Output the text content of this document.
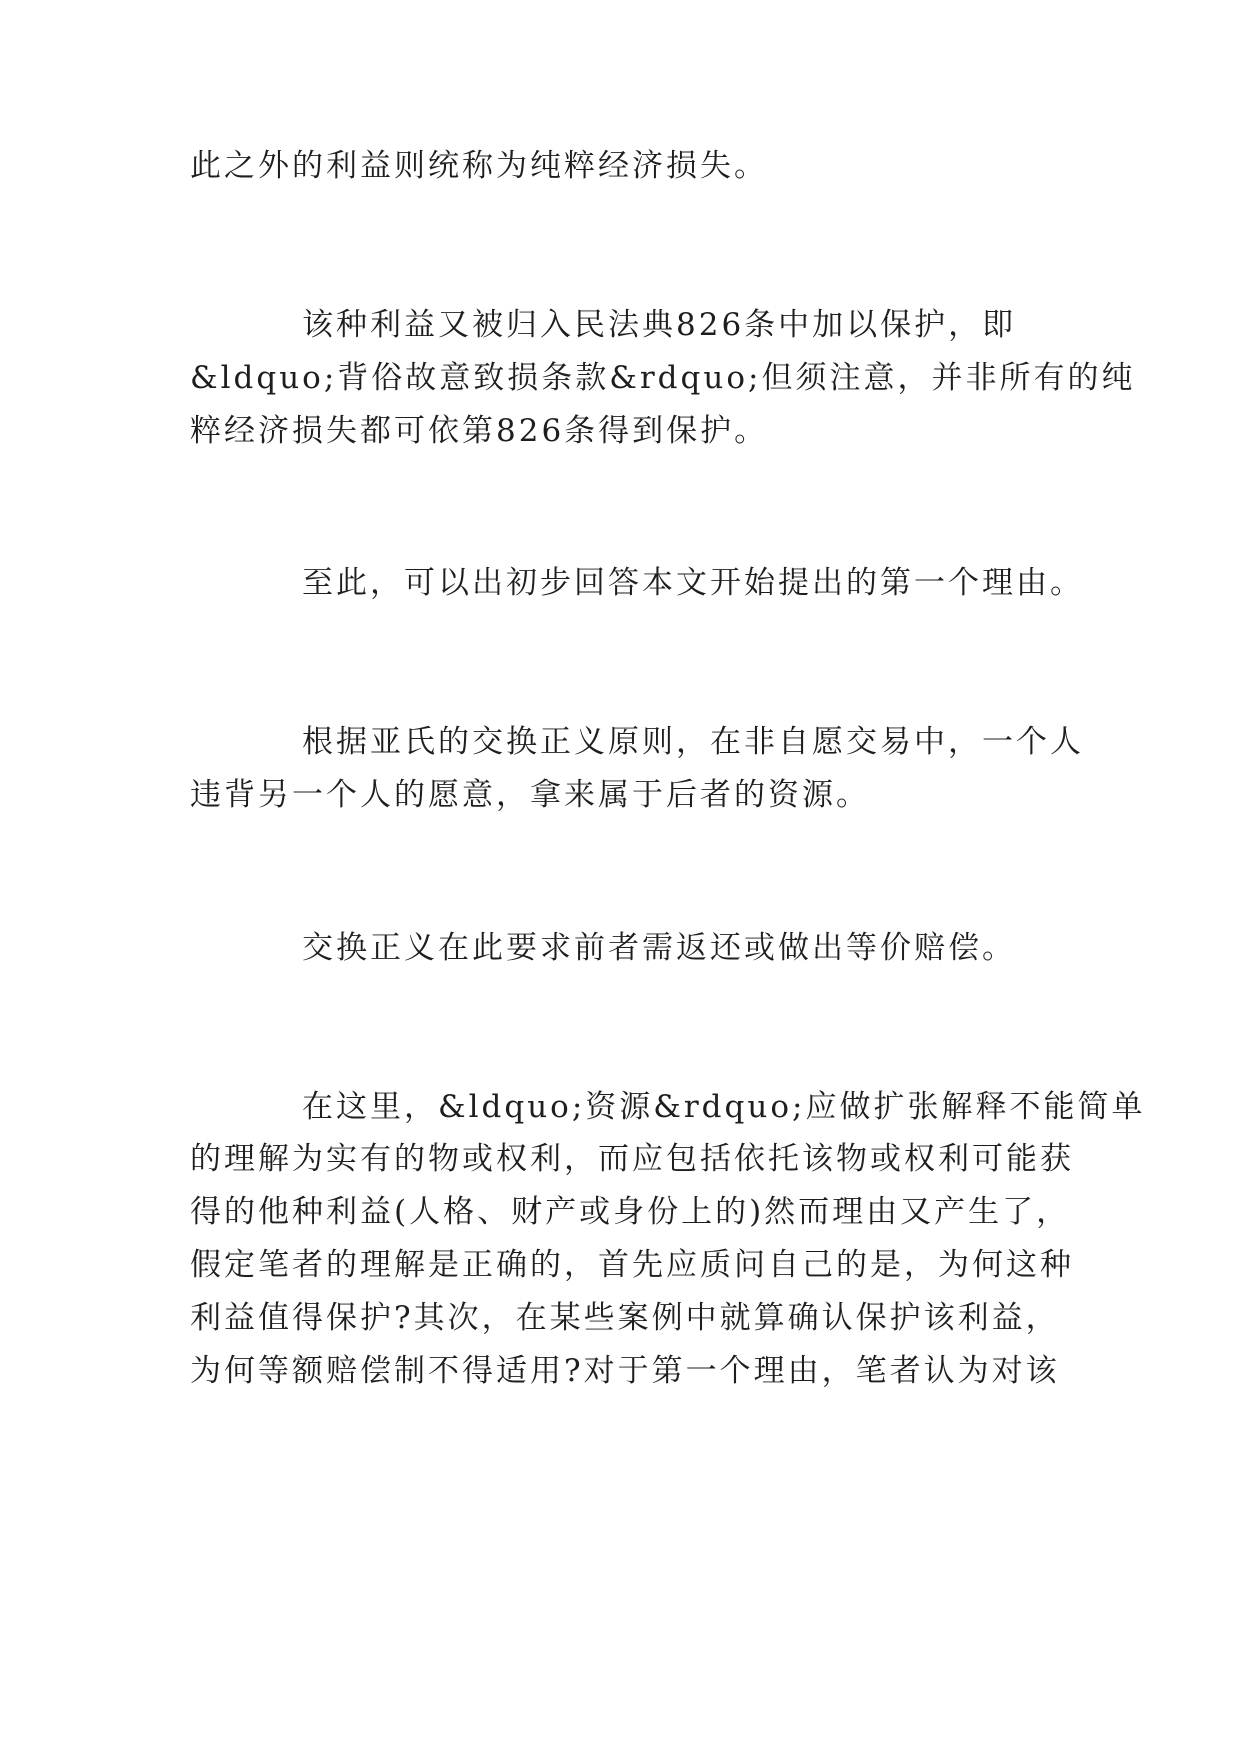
此之外的利益则统称为纯粹经济损失。
该种利益又被归入民法典826条中加以保护，即
&ldquo;背俗故意致损条款&rdquo;但须注意，并非所有的纯
粹经济损失都可依第826条得到保护。
至此，可以出初步回答本文开始提出的第一个理由。
根据亚氏的交换正义原则，在非自愿交易中，一个人
违背另一个人的愿意，拿来属于后者的资源。
交换正义在此要求前者需返还或做出等价赔偿。
在这里，&ldquo;资源&rdquo;应做扩张解释不能简单
的理解为实有的物或权利，而应包括依托该物或权利可能获
得的他种利益(人格、财产或身份上的)然而理由又产生了，
假定笔者的理解是正确的，首先应质问自己的是，为何这种
利益值得保护?其次，在某些案例中就算确认保护该利益，
为何等额赔偿制不得适用?对于第一个理由，笔者认为对该
